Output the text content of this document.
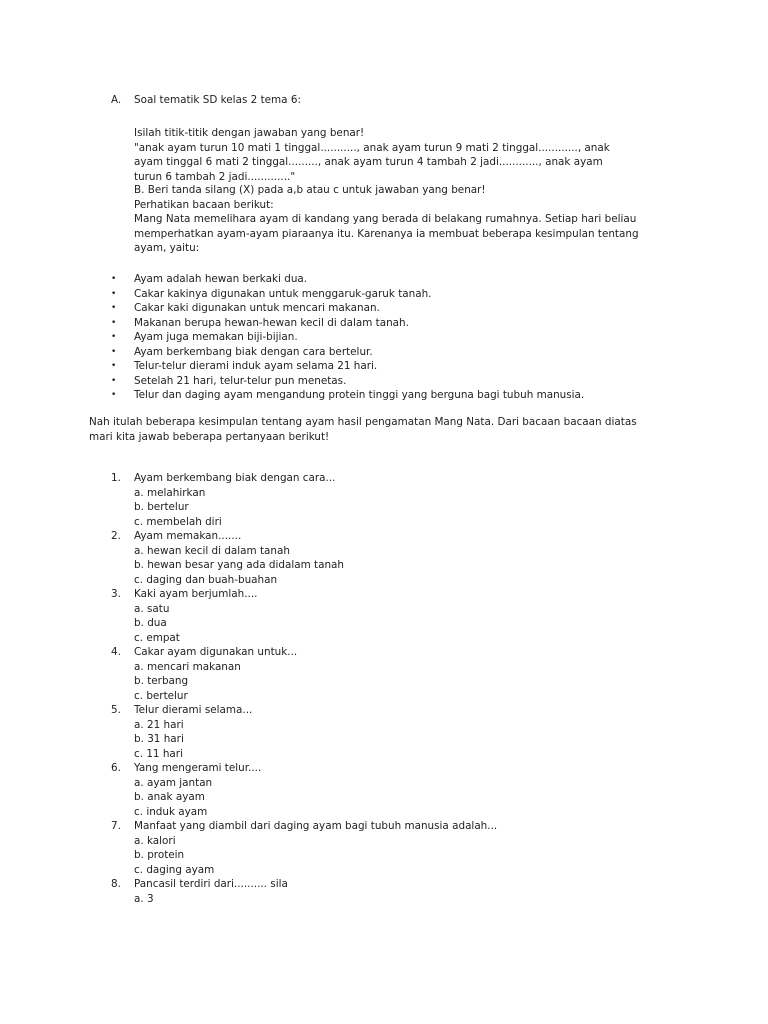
A. Soal tematik SD kelas 2 tema 6:

Isilah titik-titik dengan jawaban yang benar!

"anak ayam turun 10 mati 1 tinggal..........., anak ayam turun 9 mati 2 tinggal............, anak

ayam tinggal 6 mati 2 tinggal........., anak ayam turun 4 tambah 2 jadi............, anak ayam

turun 6 tambah 2 jadi............."

B. Beri tanda silang (X) pada a,b atau c untuk jawaban yang benar!

Perhatikan bacaan berikut:

Mang Nata memelihara ayam di kandang yang berada di belakang rumahnya. Setiap hari beliau

memperhatkan ayam-ayam piaraanya itu. Karenanya ia membuat beberapa kesimpulan tentang

ayam, yaitu:

•	Ayam adalah hewan berkaki dua.
•	Cakar kakinya digunakan untuk menggaruk-garuk tanah.
•	Cakar kaki digunakan untuk mencari makanan.
•	Makanan berupa hewan-hewan kecil di dalam tanah.
•	Ayam juga memakan biji-bijian.
•	Ayam berkembang biak dengan cara bertelur.
•	Telur-telur dierami induk ayam selama 21 hari.
•	Setelah 21 hari, telur-telur pun menetas.
•	Telur dan daging ayam mengandung protein tinggi yang berguna bagi tubuh manusia.
Nah itulah beberapa kesimpulan tentang ayam hasil pengamatan Mang Nata. Dari bacaan bacaan diatas
mari kita jawab beberapa pertanyaan berikut!
1.	Ayam berkembang biak dengan cara...
a. melahirkan
b. bertelur
c. membelah diri
2.	Ayam memakan.......
a. hewan kecil di dalam tanah
b. hewan besar yang ada didalam tanah
c. daging dan buah-buahan
3.	Kaki ayam berjumlah....
a. satu
b. dua
c. empat
4.	Cakar ayam digunakan untuk...
a. mencari makanan
b. terbang
c. bertelur
5.	Telur dierami selama...
a. 21 hari
b. 31 hari
c. 11 hari
6.	Yang mengerami telur....
a. ayam jantan
b. anak ayam
c. induk ayam
7.	Manfaat yang diambil dari daging ayam bagi tubuh manusia adalah...
a. kalori
b. protein
c. daging ayam
8.	Pancasil terdiri dari.......... sila
a. 3
